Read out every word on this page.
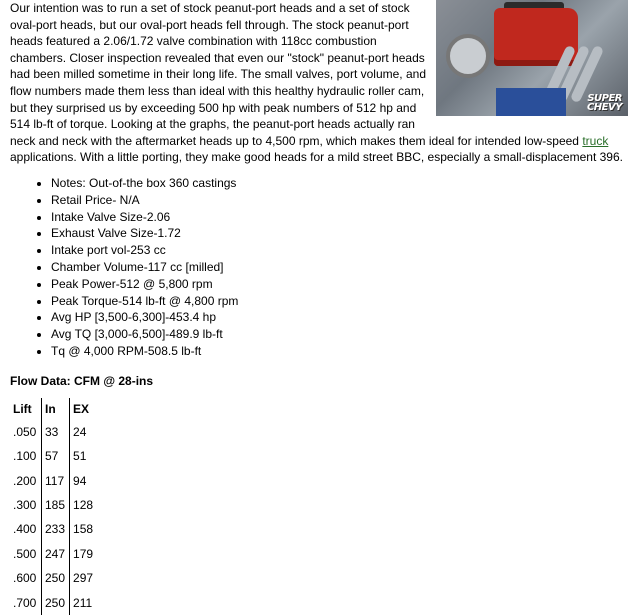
SUPER CHEVY

Our intention was to run a set of stock peanut-port heads and a set of stock oval-port heads, but our oval-port heads fell through. The stock peanut-port heads featured a 2.06/1.72 valve combination with 118cc combustion chambers. Closer inspection revealed that even our "stock" peanut-port heads had been milled sometime in their long life. The small valves, port volume, and flow numbers made them less than ideal with this healthy hydraulic roller cam, but they surprised us by exceeding 500 hp with peak numbers of 512 hp and 514 lb-ft of torque. Looking at the graphs, the peanut-port heads actually ran neck and neck with the aftermarket heads up to 4,500 rpm, which makes them ideal for intended low-speed truck applications. With a little porting, they make good heads for a mild street BBC, especially a small-displacement 396.

• Notes: Out-of-the box 360 castings
• Retail Price- N/A
• Intake Valve Size-2.06
• Exhaust Valve Size-1.72
• Intake port vol-253 cc
• Chamber Volume-117 cc [milled]
• Peak Power-512 @ 5,800 rpm
• Peak Torque-514 lb-ft @ 4,800 rpm
• Avg HP [3,500-6,300]-453.4 hp
• Avg TQ [3,000-6,500]-489.9 lb-ft
• Tq @ 4,000 RPM-508.5 lb-ft
Flow Data: CFM @ 28-ins
Lift	In	EX
.050	33	24
.100	57	51
.200	117	94
.300	185	128
.400	233	158
.500	247	179
.600	250	297
.700	250	211
